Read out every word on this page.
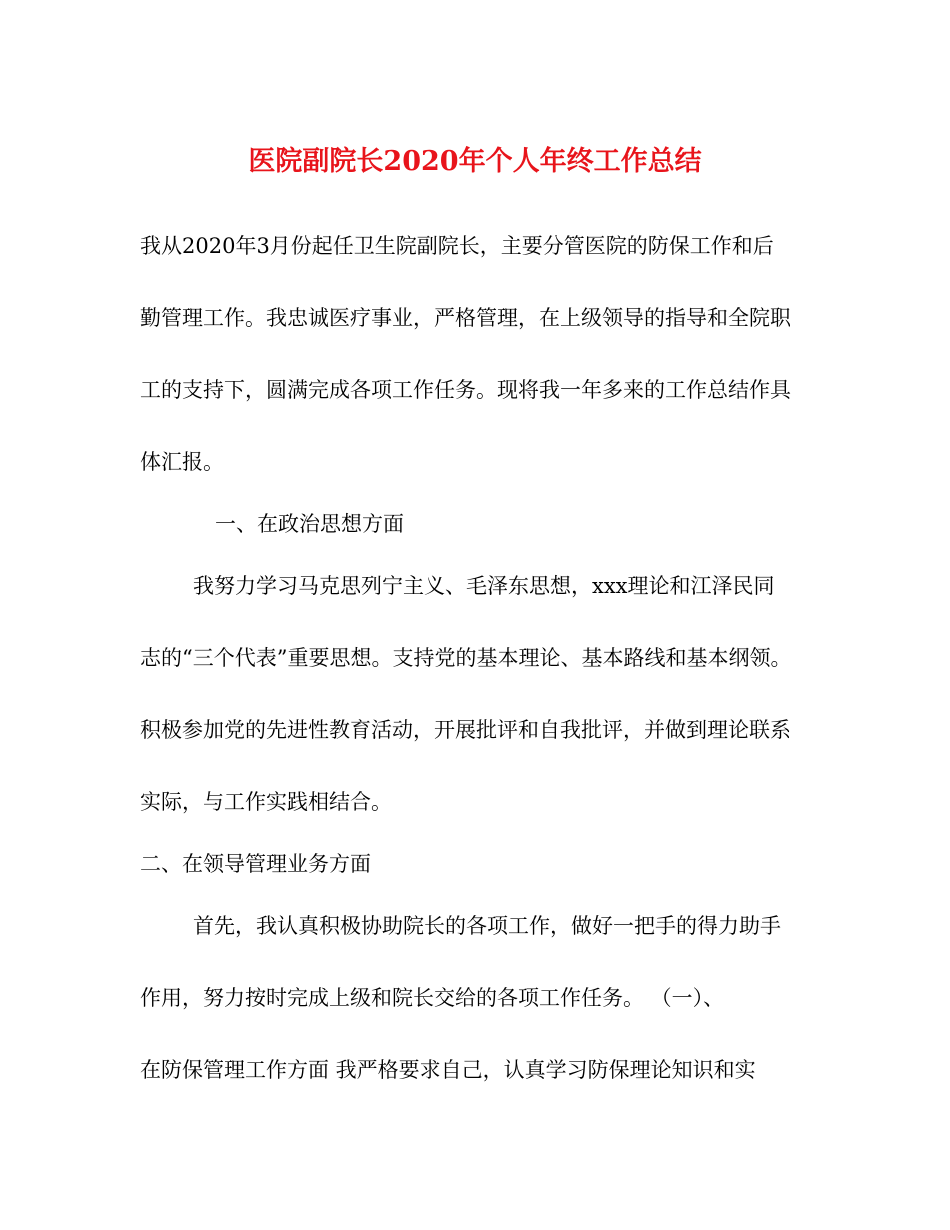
医院副院长2020年个人年终工作总结
我从2020年3月份起任卫生院副院长，主要分管医院的防保工作和后
勤管理工作。我忠诚医疗事业，严格管理，在上级领导的指导和全院职
工的支持下，圆满完成各项工作任务。现将我一年多来的工作总结作具
体汇报。
一、在政治思想方面
我努力学习马克思列宁主义、毛泽东思想，xxx理论和江泽民同
志的“三个代表”重要思想。支持党的基本理论、基本路线和基本纲领。
积极参加党的先进性教育活动，开展批评和自我批评，并做到理论联系
实际，与工作实践相结合。
二、在领导管理业务方面
首先，我认真积极协助院长的各项工作，做好一把手的得力助手
作用，努力按时完成上级和院长交给的各项工作任务。 （一）、
在防保管理工作方面 我严格要求自己，认真学习防保理论知识和实
